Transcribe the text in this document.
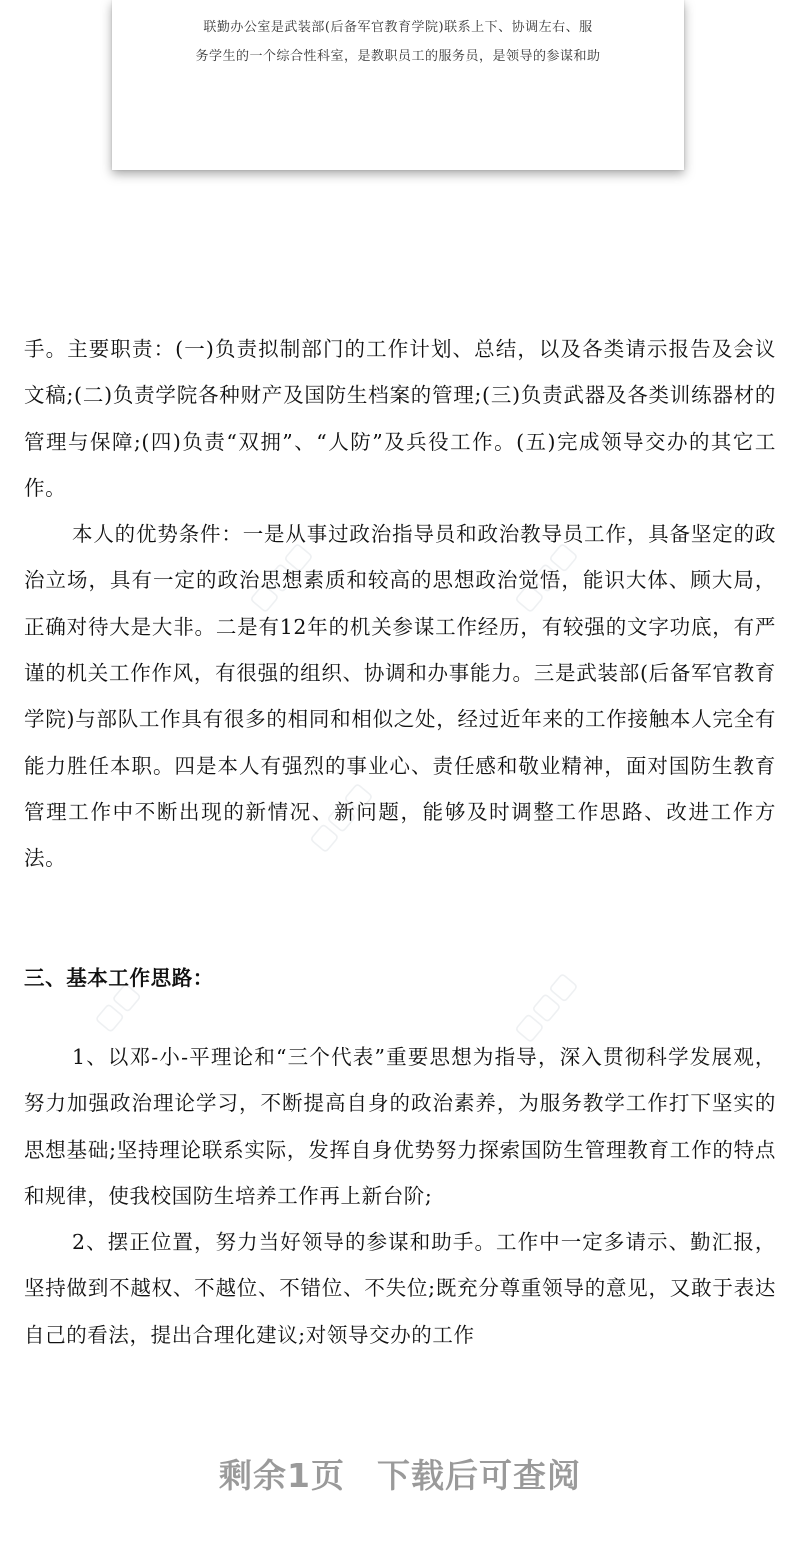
联勤办公室是武装部(后备军官教育学院)联系上下、协调左右、服
务学生的一个综合性科室，是教职员工的服务员，是领导的参谋和助
▢▢▢	▢▢▢
▢▢▢
▢▢	▢▢▢

手。主要职责：(一)负责拟制部门的工作计划、总结，以及各类请示报告及会议文稿;(二)负责学院各种财产及国防生档案的管理;(三)负责武器及各类训练器材的管理与保障;(四)负责“双拥”、“人防”及兵役工作。(五)完成领导交办的其它工作。

本人的优势条件：一是从事过政治指导员和政治教导员工作，具备坚定的政治立场，具有一定的政治思想素质和较高的思想政治觉悟，能识大体、顾大局，正确对待大是大非。二是有12年的机关参谋工作经历，有较强的文字功底，有严谨的机关工作作风，有很强的组织、协调和办事能力。三是武装部(后备军官教育学院)与部队工作具有很多的相同和相似之处，经过近年来的工作接触本人完全有能力胜任本职。四是本人有强烈的事业心、责任感和敬业精神，面对国防生教育管理工作中不断出现的新情况、新问题，能够及时调整工作思路、改进工作方法。

三、基本工作思路：

1、以邓-小-平理论和“三个代表”重要思想为指导，深入贯彻科学发展观，努力加强政治理论学习，不断提高自身的政治素养，为服务教学工作打下坚实的思想基础;坚持理论联系实际，发挥自身优势努力探索国防生管理教育工作的特点和规律，使我校国防生培养工作再上新台阶;

2、摆正位置，努力当好领导的参谋和助手。工作中一定多请示、勤汇报，坚持做到不越权、不越位、不错位、不失位;既充分尊重领导的意见，又敢于表达自己的看法，提出合理化建议;对领导交办的工作

剩余1页 下载后可查阅
